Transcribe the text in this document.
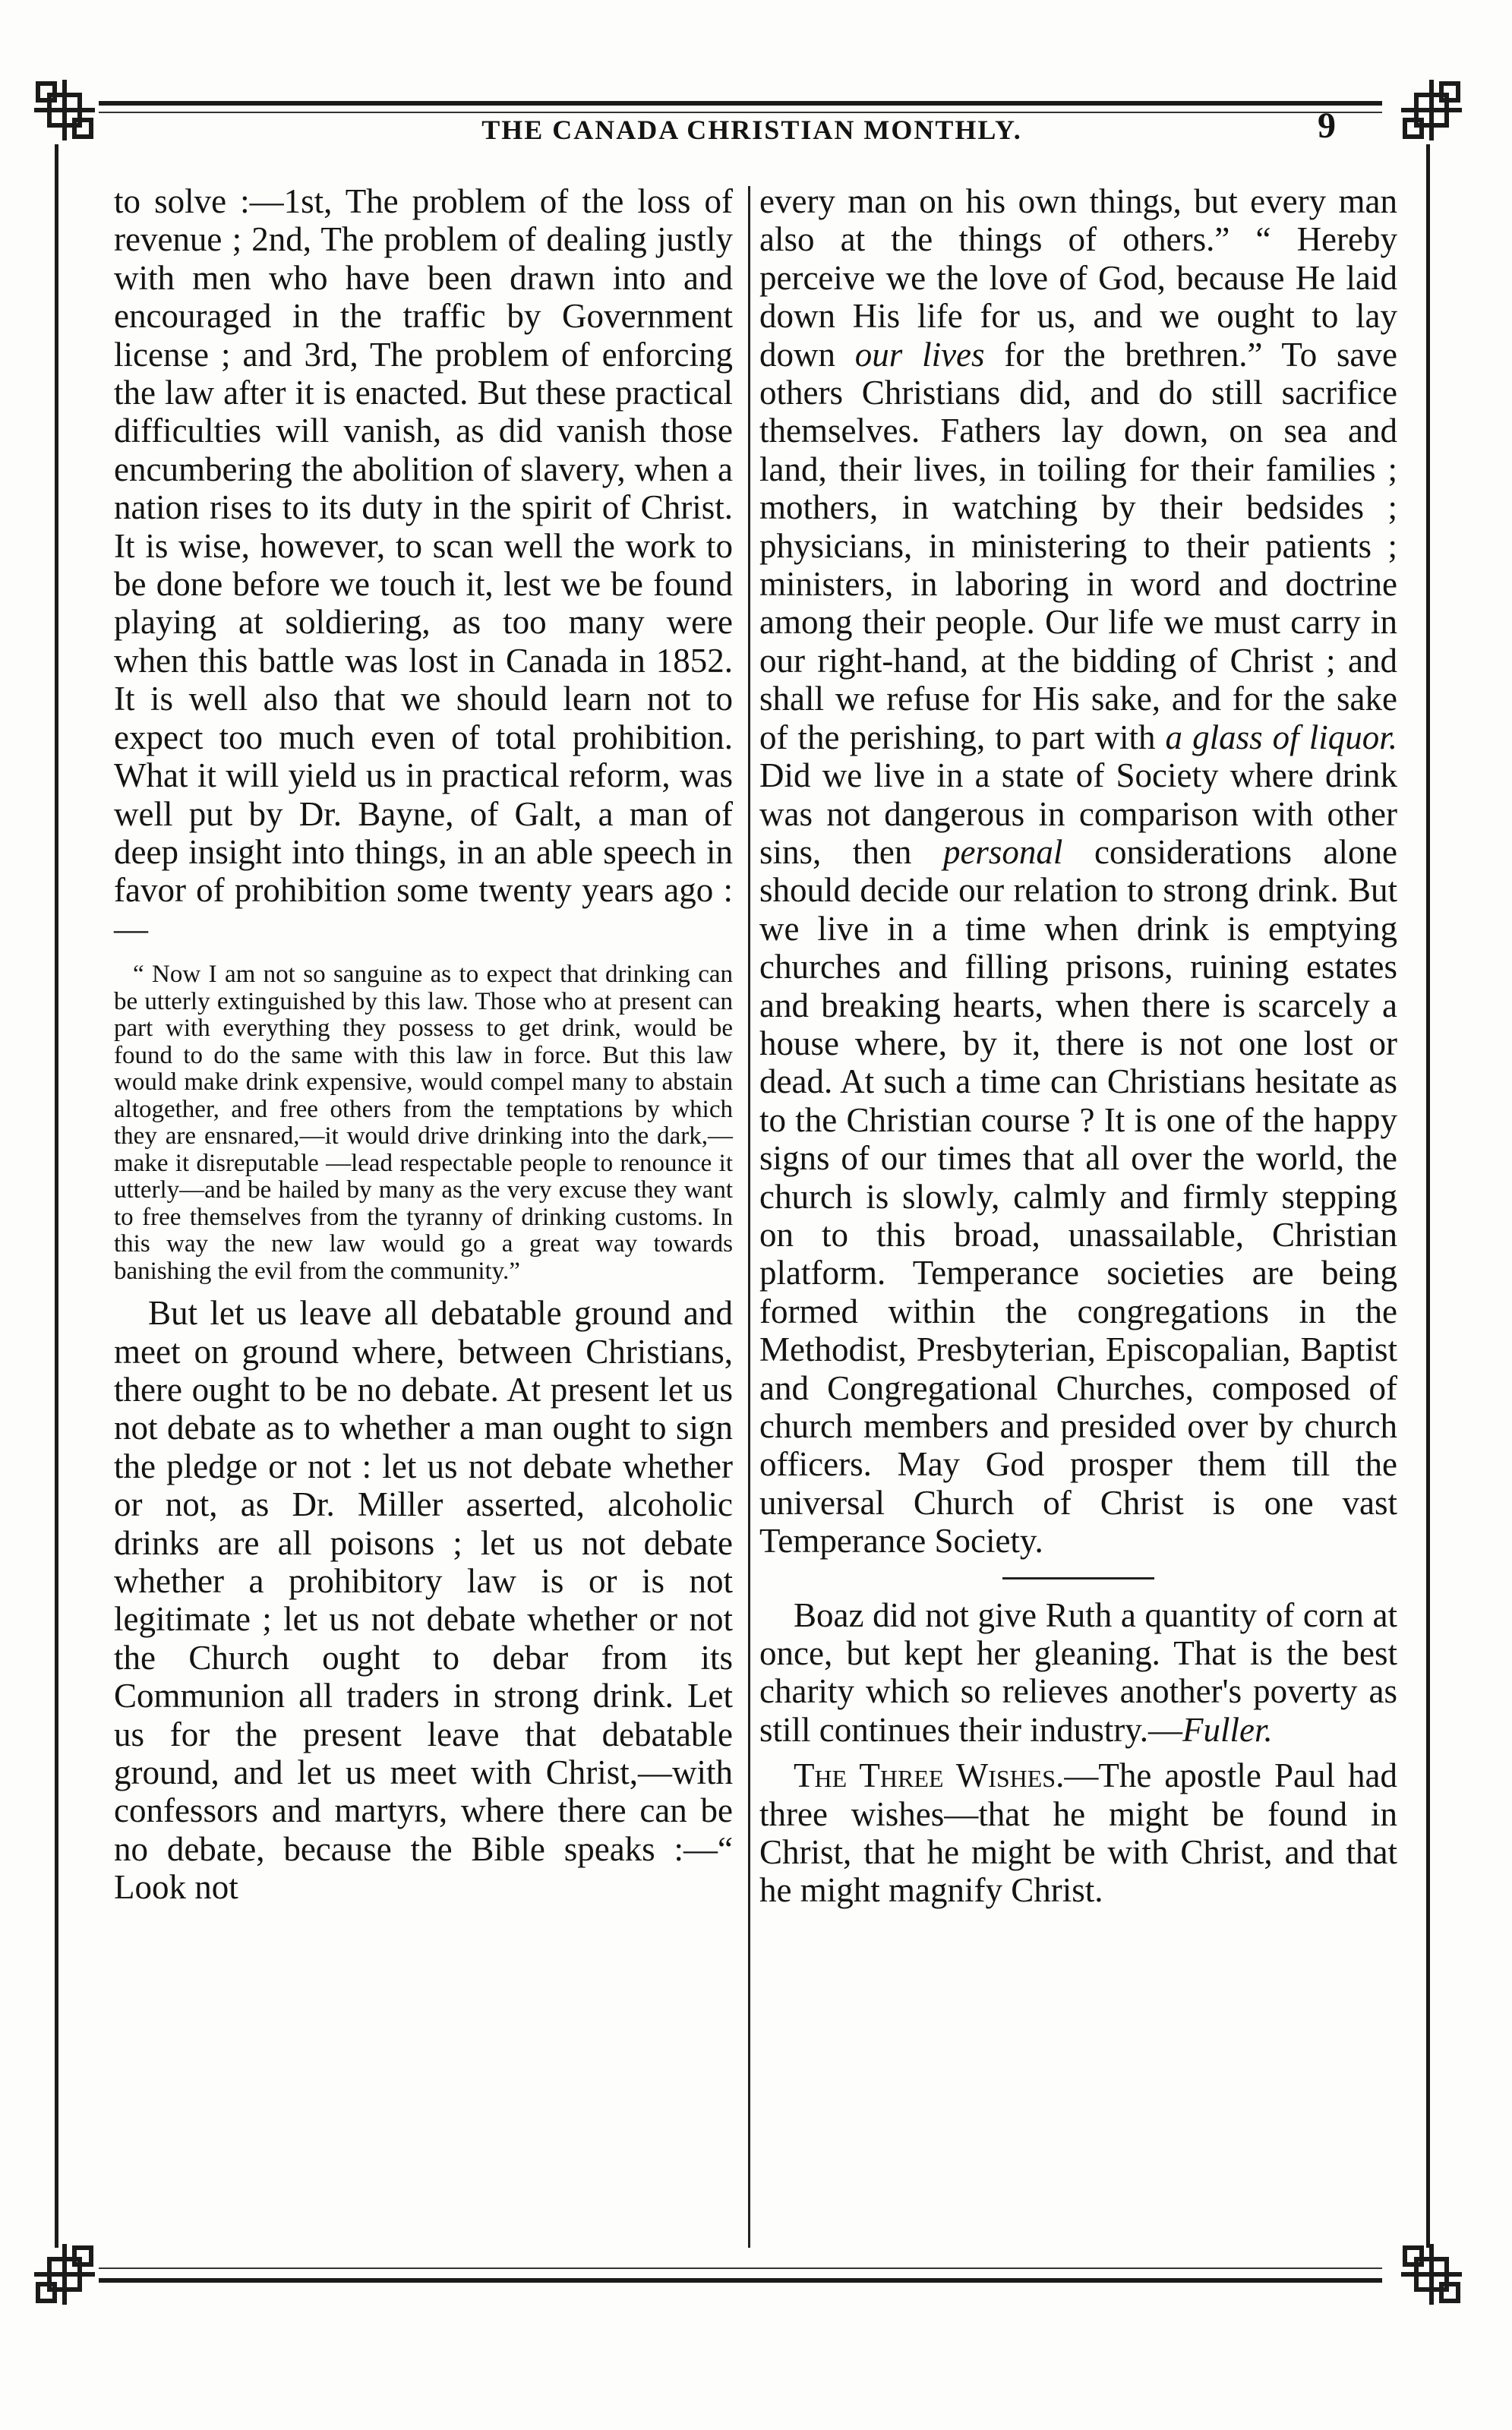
THE CANADA CHRISTIAN MONTHLY.	9

to solve :—1st, The problem of the loss of revenue ; 2nd, The problem of dealing justly with men who have been drawn into and encouraged in the traffic by Government license ; and 3rd, The problem of enforcing the law after it is enacted. But these practical difficulties will vanish, as did vanish those encumbering the abolition of slavery, when a nation rises to its duty in the spirit of Christ. It is wise, however, to scan well the work to be done before we touch it, lest we be found playing at soldiering, as too many were when this battle was lost in Canada in 1852. It is well also that we should learn not to expect too much even of total prohibition. What it will yield us in practical reform, was well put by Dr. Bayne, of Galt, a man of deep insight into things, in an able speech in favor of prohibition some twenty years ago :—

“ Now I am not so sanguine as to expect that drinking can be utterly extinguished by this law. Those who at present can part with everything they possess to get drink, would be found to do the same with this law in force. But this law would make drink expensive, would compel many to abstain altogether, and free others from the temptations by which they are ensnared,—it would drive drinking into the dark,—make it disreputable —lead respectable people to renounce it utterly—and be hailed by many as the very excuse they want to free themselves from the tyranny of drinking customs. In this way the new law would go a great way towards banishing the evil from the community.”

But let us leave all debatable ground and meet on ground where, between Christians, there ought to be no debate. At present let us not debate as to whether a man ought to sign the pledge or not : let us not debate whether or not, as Dr. Miller asserted, alcoholic drinks are all poisons ; let us not debate whether a prohibitory law is or is not legitimate ; let us not debate whether or not the Church ought to debar from its Communion all traders in strong drink. Let us for the present leave that debatable ground, and let us meet with Christ,—with confessors and martyrs, where there can be no debate, because the Bible speaks :—“ Look not

every man on his own things, but every man also at the things of others.” “ Hereby perceive we the love of God, because He laid down His life for us, and we ought to lay down our lives for the brethren.” To save others Christians did, and do still sacrifice themselves. Fathers lay down, on sea and land, their lives, in toiling for their families ; mothers, in watching by their bedsides ; physicians, in ministering to their patients ; ministers, in laboring in word and doctrine among their people. Our life we must carry in our right-hand, at the bidding of Christ ; and shall we refuse for His sake, and for the sake of the perishing, to part with a glass of liquor. Did we live in a state of Society where drink was not dangerous in comparison with other sins, then personal considerations alone should decide our relation to strong drink. But we live in a time when drink is emptying churches and filling prisons, ruining estates and breaking hearts, when there is scarcely a house where, by it, there is not one lost or dead. At such a time can Christians hesitate as to the Christian course ? It is one of the happy signs of our times that all over the world, the church is slowly, calmly and firmly stepping on to this broad, unassailable, Christian platform. Temperance societies are being formed within the congregations in the Methodist, Presbyterian, Episcopalian, Baptist and Congregational Churches, composed of church members and presided over by church officers. May God prosper them till the universal Church of Christ is one vast Temperance Society.

Boaz did not give Ruth a quantity of corn at once, but kept her gleaning. That is the best charity which so relieves another's poverty as still continues their industry.—Fuller.

The Three Wishes.—The apostle Paul had three wishes—that he might be found in Christ, that he might be with Christ, and that he might magnify Christ.
